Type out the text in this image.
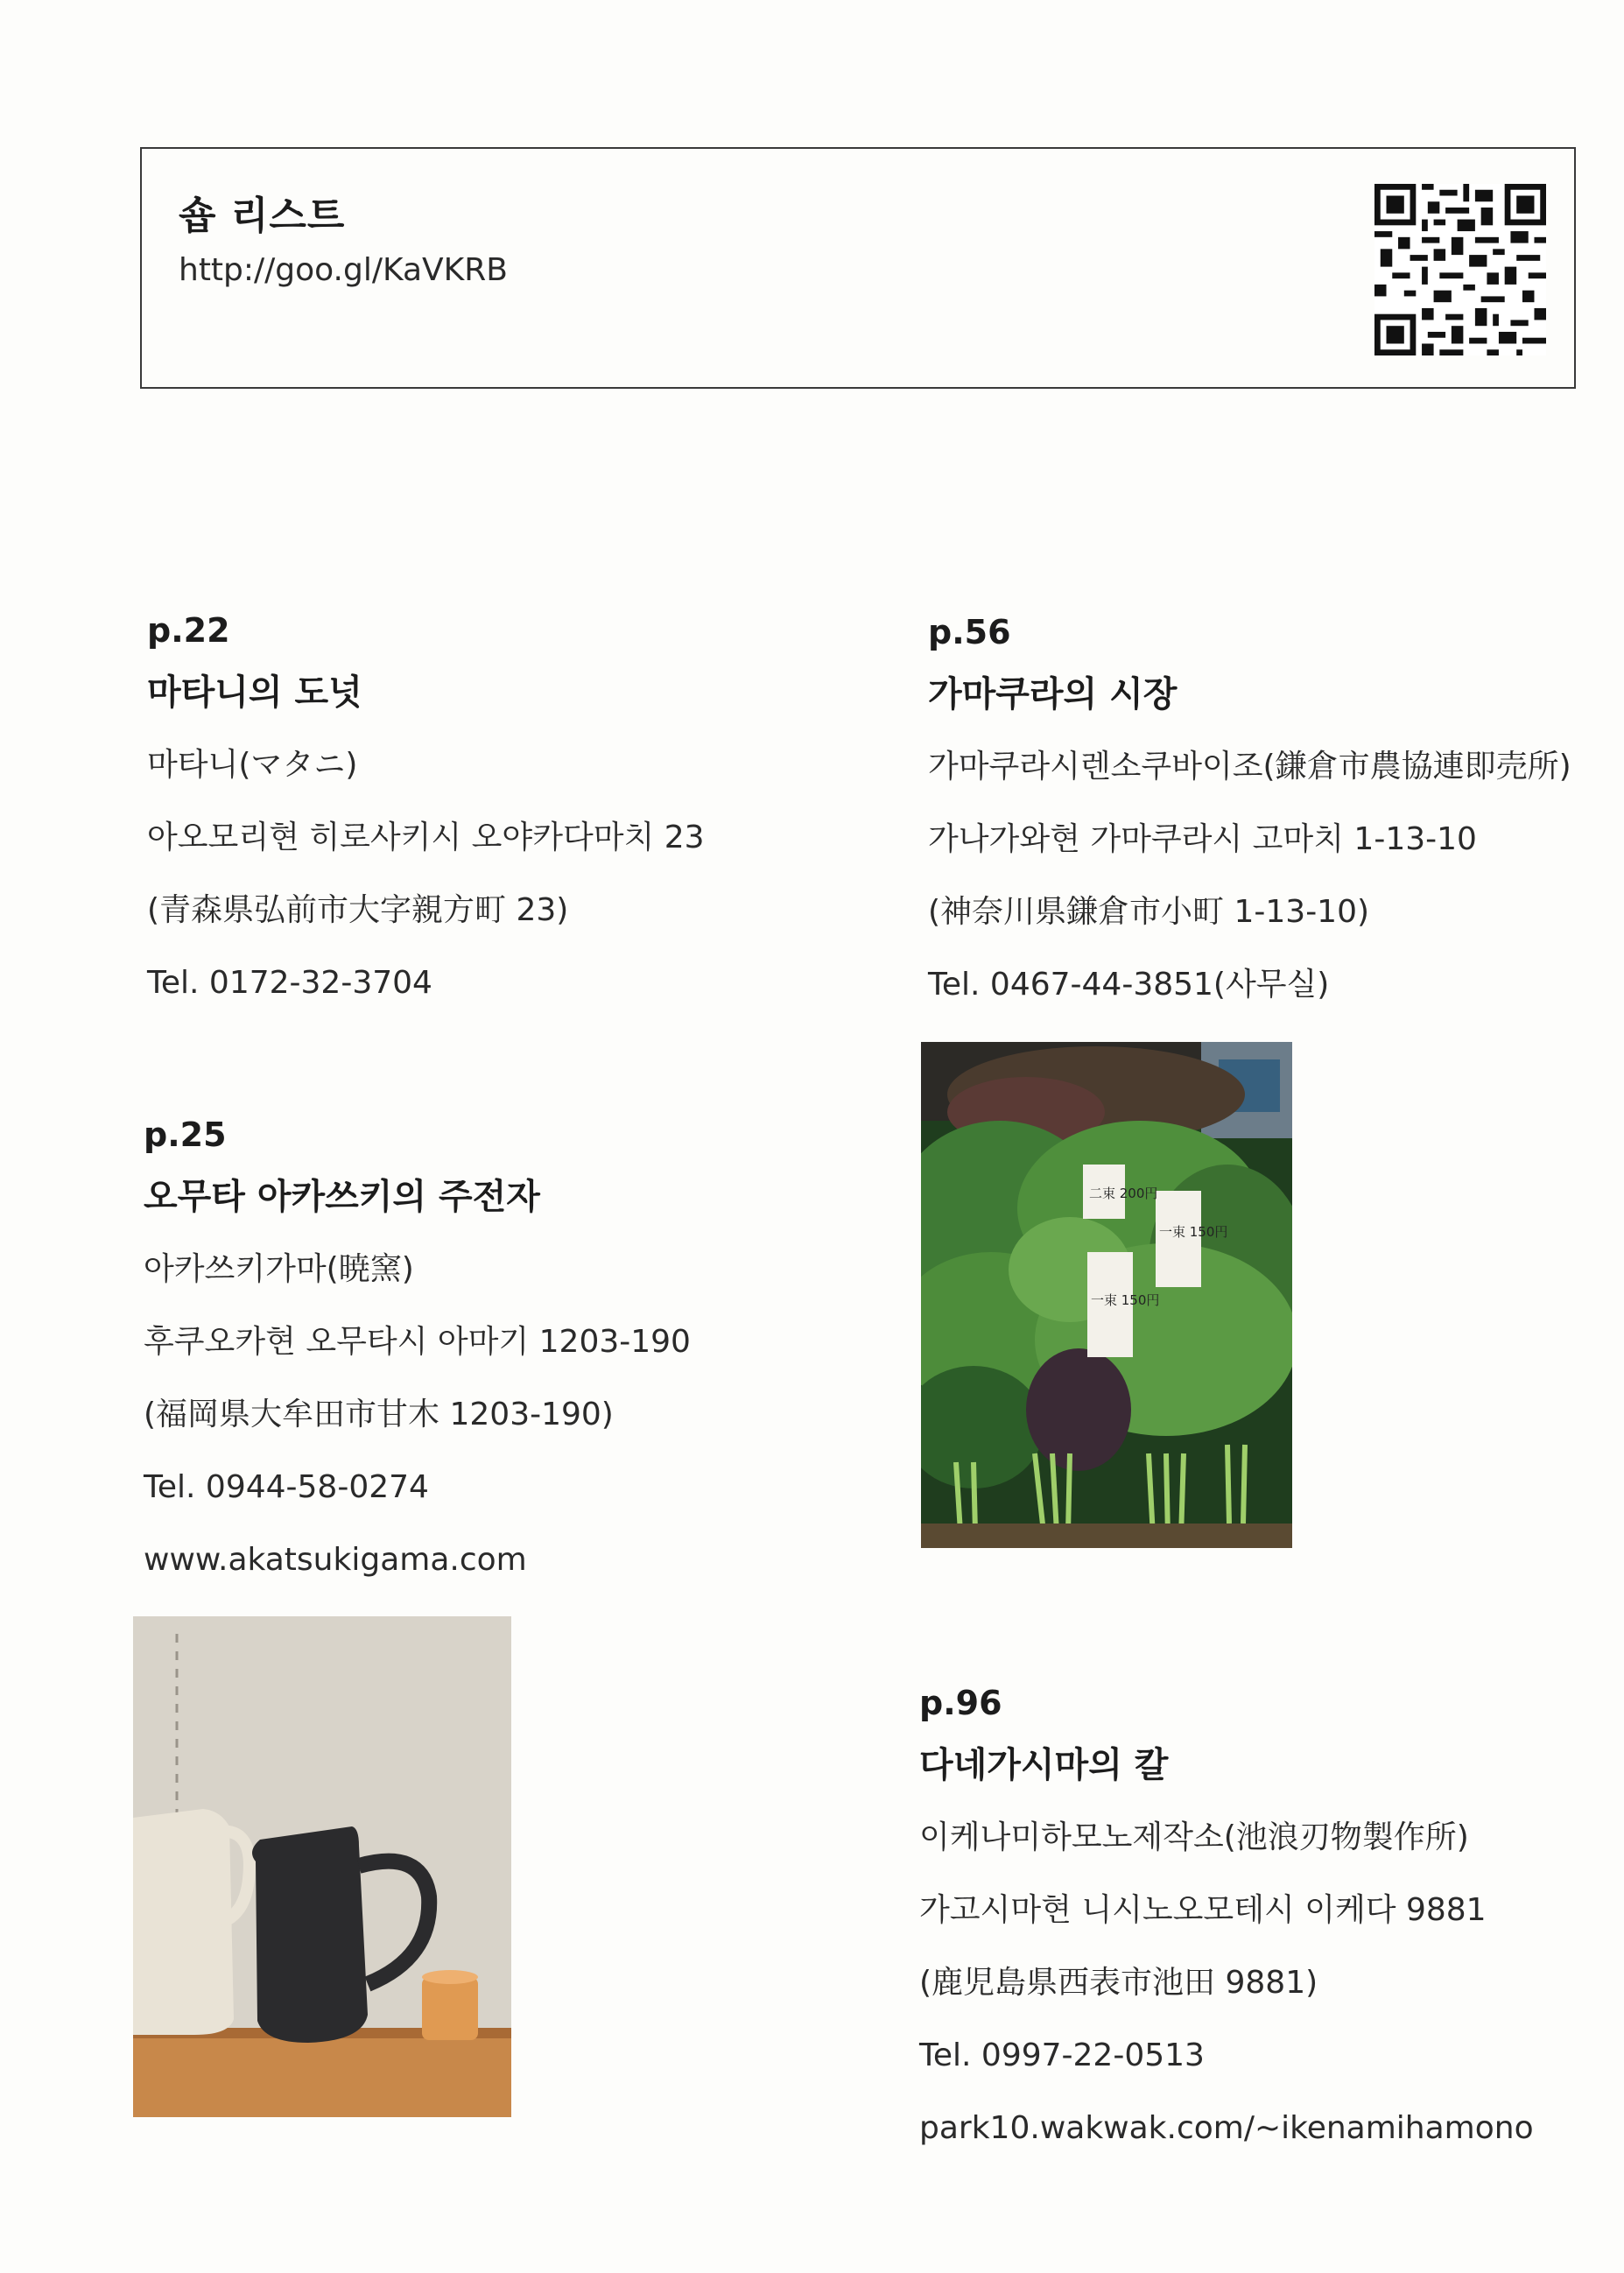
숍 리스트
http://goo.gl/KaVKRB
p.22
마타니의 도넛
마타니(マタニ)
아오모리현 히로사키시 오야카다마치 23
(青森県弘前市大字親方町 23)
Tel. 0172-32-3704
p.25
오무타 아카쓰키의 주전자
아카쓰키가마(暁窯)
후쿠오카현 오무타시 아마기 1203-190
(福岡県大牟田市甘木 1203-190)
Tel. 0944-58-0274
www.akatsukigama.com
p.56
가마쿠라의 시장
가마쿠라시렌소쿠바이조(鎌倉市農協連即売所)
가나가와현 가마쿠라시 고마치 1-13-10
(神奈川県鎌倉市小町 1-13-10)
Tel. 0467-44-3851(사무실)
p.96
다네가시마의 칼
이케나미하모노제작소(池浪刃物製作所)
가고시마현 니시노오모테시 이케다 9881
(鹿児島県西表市池田 9881)
Tel. 0997-22-0513
park10.wakwak.com/~ikenamihamono
二束 200円
一束 150円
一束 150円
